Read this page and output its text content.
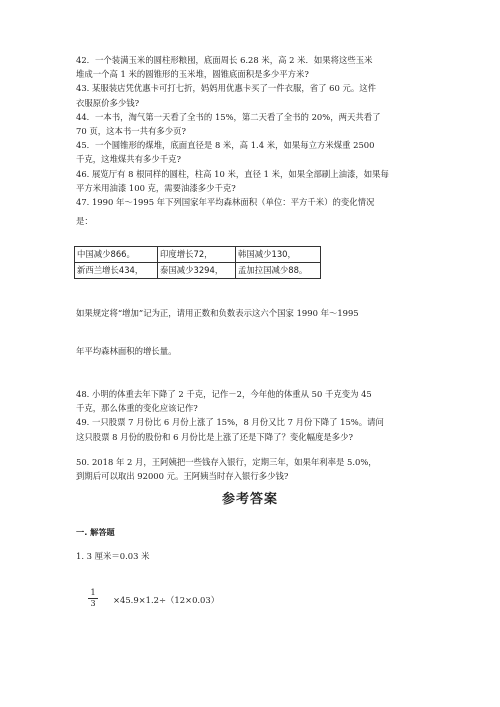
42．一个装满玉米的圆柱形粮囤，底面周长 6.28 米，高 2 米．如果将这些玉米
堆成一个高 1 米的圆锥形的玉米堆，圆锥底面积是多少平方米?
43. 某服装店凭优惠卡可打七折，妈妈用优惠卡买了一件衣服，省了 60 元。这件
衣服原价多少钱?
44．一本书，淘气第一天看了全书的 15%，第二天看了全书的 20%，两天共看了
70 页，这本书一共有多少页?
45．一个圆锥形的煤堆，底面直径是 8 米，高 1.4 米，如果每立方米煤重 2500
千克，这堆煤共有多少千克?
46. 展览厅有 8 根同样的圆柱，柱高 10 米，直径 1 米，如果全部刷上油漆，如果每
平方米用油漆 100 克，需要油漆多少千克?
47. 1990 年～1995 年下列国家年平均森林面积（单位：平方千米）的变化情况
是：
中国减少866。	印度增长72，	韩国减少130，
新西兰增长434，	泰国减少3294，	孟加拉国减少88。
如果规定将“增加”记为正，请用正数和负数表示这六个国家 1990 年～1995
年平均森林面积的增长量。
48. 小明的体重去年下降了 2 千克，记作－2，今年他的体重从 50 千克变为 45
千克，那么体重的变化应该记作?
49. 一只股票 7 月份比 6 月份上涨了 15%，8 月份又比 7 月份下降了 15%。请问
这只股票 8 月份的股份和 6 月份比是上涨了还是下降了？变化幅度是多少?
50. 2018 年 2 月，王阿姨把一些钱存入银行，定期三年，如果年利率是 5.0%，
到期后可以取出 92000 元。王阿姨当时存入银行多少钱?
参考答案
一. 解答题
1. 3 厘米＝0.03 米
$\frac{1}{3} \times 45.9\times 1.2\div(12\times 0.03)$
